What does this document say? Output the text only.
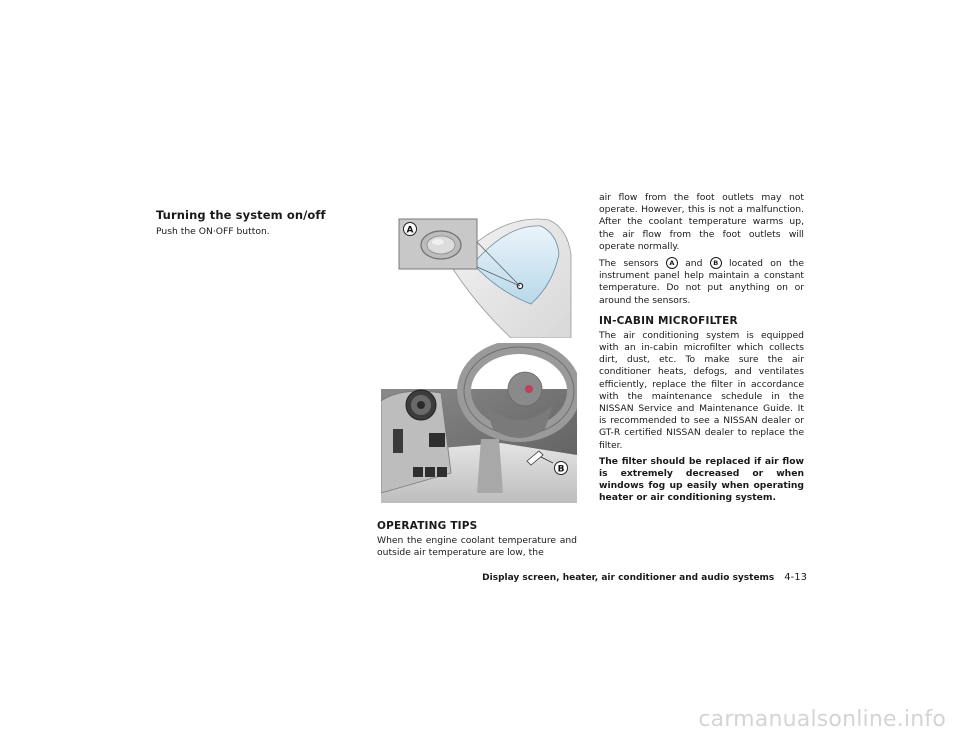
Turning the system on/off
Push the ON·OFF button.	A
B
OPERATING TIPS
When the engine coolant temperature and outside air temperature are low, the
air flow from the foot outlets may not operate. However, this is not a malfunction. After the coolant temperature warms up, the air flow from the foot outlets will operate normally.
The sensors A and B located on the instrument panel help maintain a constant temperature. Do not put anything on or around the sensors.
IN-CABIN MICROFILTER
The air conditioning system is equipped with an in-cabin microfilter which collects dirt, dust, etc. To make sure the air conditioner heats, defogs, and ventilates efficiently, replace the filter in accordance with the maintenance schedule in the NISSAN Service and Maintenance Guide. It is recommended to see a NISSAN dealer or GT-R certified NISSAN dealer to replace the filter.
The filter should be replaced if air flow is extremely decreased or when windows fog up easily when operating heater or air conditioning system.
Display screen, heater, air conditioner and audio systems 4-13
carmanualsonline.info
